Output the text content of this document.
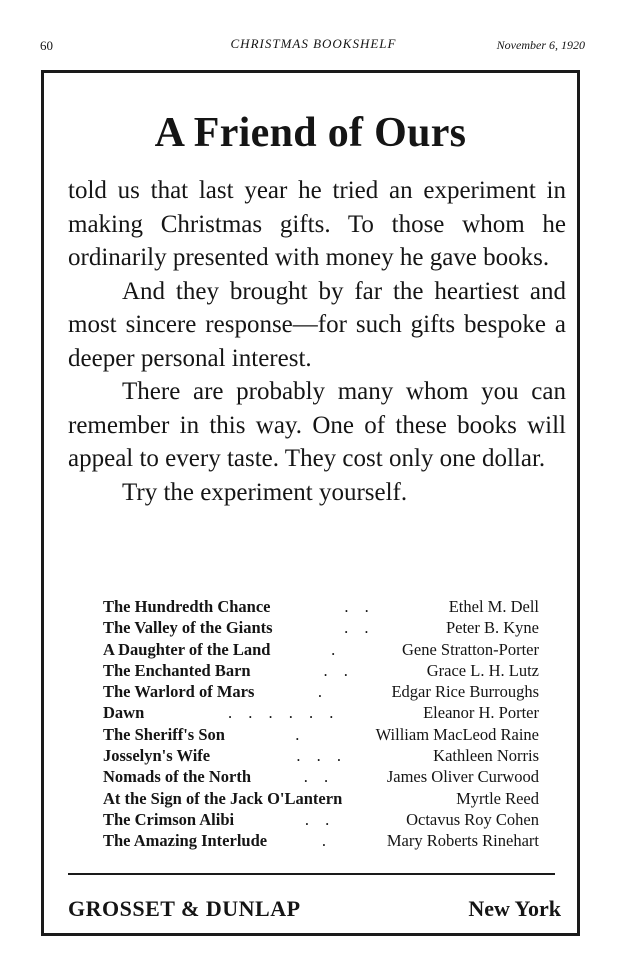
60	CHRISTMAS BOOKSHELF	November 6, 1920
A Friend of Ours

told us that last year he tried an experiment in making Christmas gifts. To those whom he ordinarily presented with money he gave books.

And they brought by far the heartiest and most sincere response—for such gifts bespoke a deeper personal interest.

There are probably many whom you can remember in this way. One of these books will appeal to every taste. They cost only one dollar.

Try the experiment yourself.

The Hundredth Chance	. .	Ethel M. Dell
The Valley of the Giants	. .	Peter B. Kyne
A Daughter of the Land	.	Gene Stratton-Porter
The Enchanted Barn	. .	Grace L. H. Lutz
The Warlord of Mars	.	Edgar Rice Burroughs
Dawn	. . . . . .	Eleanor H. Porter
The Sheriff's Son	.	William MacLeod Raine
Josselyn's Wife	. . .	Kathleen Norris
Nomads of the North	. .	James Oliver Curwood
At the Sign of the Jack O'Lantern	Myrtle Reed
The Crimson Alibi	. .	Octavus Roy Cohen
The Amazing Interlude	.	Mary Roberts Rinehart
GROSSET & DUNLAP	New York
